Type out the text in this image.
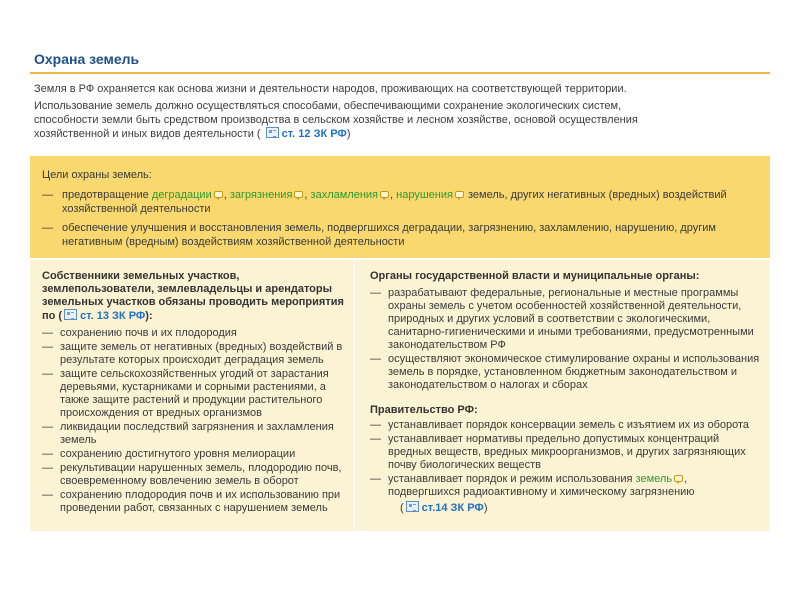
Охрана земель

Земля в РФ охраняется как основа жизни и деятельности народов, проживающих на соответствующей территории.

Использование земель должно осуществляться способами, обеспечивающими сохранение экологических систем, способности земли быть средством производства в сельском хозяйстве и лесном хозяйстве, основой осуществления хозяйственной и иных видов деятельности ( ст. 12 ЗК РФ)

Цели охраны земель:
— предотвращение деградации , загрязнения , захламления , нарушения земель, других негативных (вредных) воздействий хозяйственной деятельности
— обеспечение улучшения и восстановления земель, подвергшихся деградации, загрязнению, захламлению, нарушению, другим негативным (вредным) воздействиям хозяйственной деятельности
Собственники земельных участков, землепользователи, землевладельцы и арендаторы земельных участков обязаны проводить мероприятия по ( ст. 13 ЗК РФ):
— сохранению почв и их плодородия
— защите земель от негативных (вредных) воздействий в результате которых происходит деградация земель
— защите сельскохозяйственных угодий от зарастания деревьями, кустарниками и сорными растениями, а также защите растений и продукции растительного происхождения от вредных организмов
— ликвидации последствий загрязнения и захламления земель
— сохранению достигнутого уровня мелиорации
— рекультивации нарушенных земель, плодородию почв, своевременному вовлечению земель в оборот
— сохранению плодородия почв и их использованию при проведении работ, связанных с нарушением земель
Органы государственной власти и муниципальные органы:
— разрабатывают федеральные, региональные и местные программы охраны земель с учетом особенностей хозяйственной деятельности, природных и других условий в соответствии с экологическими, санитарно-гигиеническими и иными требованиями, предусмотренными законодательством РФ
— осуществляют экономическое стимулирование охраны и использования земель в порядке, установленном бюджетным законодательством и законодательством о налогах и сборах
Правительство РФ:
— устанавливает порядок консервации земель с изъятием их из оборота
— устанавливает нормативы предельно допустимых концентраций вредных веществ, вредных микроорганизмов, и других загрязняющих почву биологических веществ
— устанавливает порядок и режим использования земель , подвергшихся радиоактивному и химическому загрязнению
( ст.14 ЗК РФ)
